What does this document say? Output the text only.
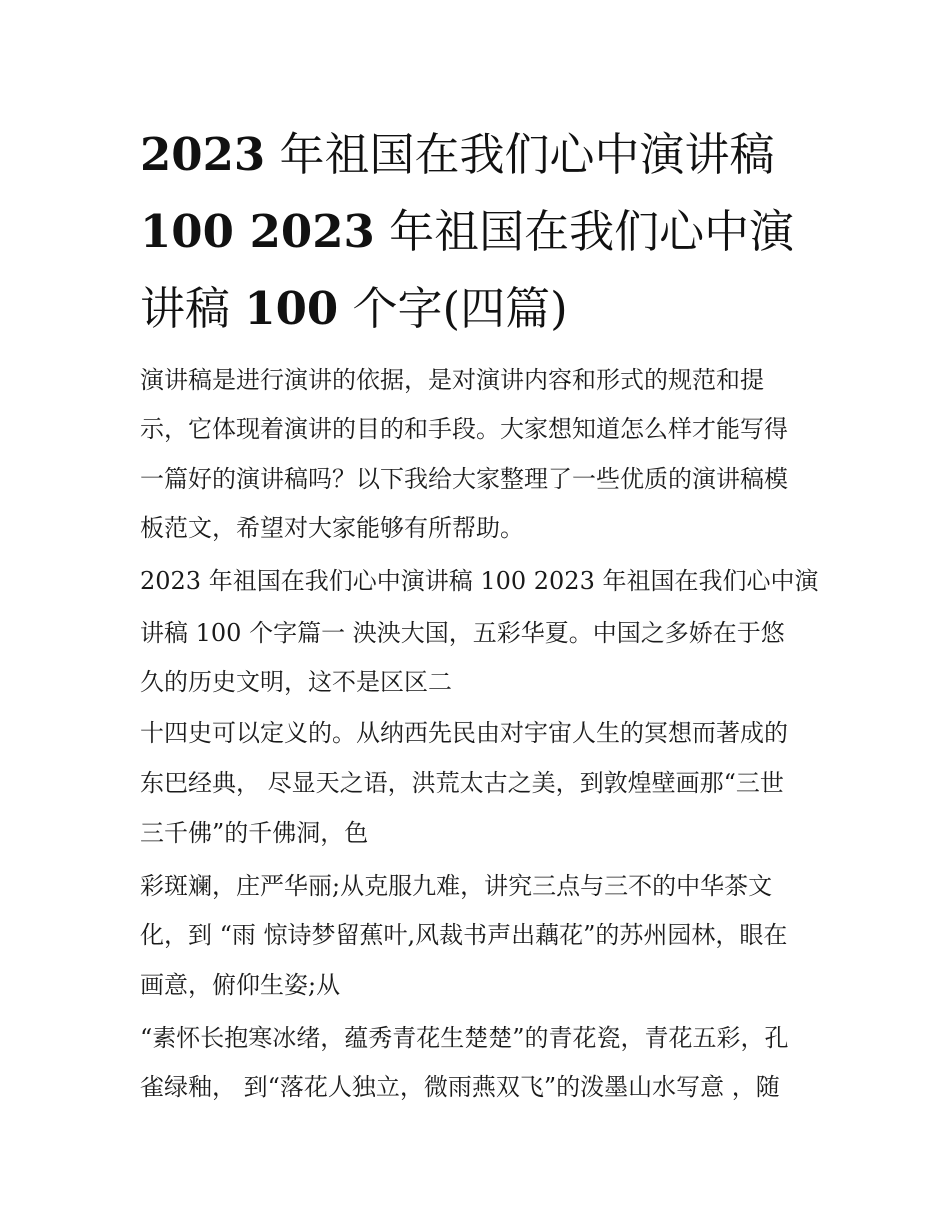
2023 年祖国在我们心中演讲稿
100 2023 年祖国在我们心中演
讲稿 100 个字(四篇)
演讲稿是进行演讲的依据，是对演讲内容和形式的规范和提
示，它体现着演讲的目的和手段。大家想知道怎么样才能写得
一篇好的演讲稿吗？以下我给大家整理了一些优质的演讲稿模
板范文，希望对大家能够有所帮助。
2023 年祖国在我们心中演讲稿 100 2023 年祖国在我们心中演
讲稿 100 个字篇一 泱泱大国，五彩华夏。中国之多娇在于悠
久的历史文明，这不是区区二
十四史可以定义的。从纳西先民由对宇宙人生的冥想而著成的
东巴经典， 尽显天之语，洪荒太古之美，到敦煌壁画那“三世
三千佛”的千佛洞，色
彩斑斓，庄严华丽;从克服九难，讲究三点与三不的中华茶文
化，到 “雨 惊诗梦留蕉叶,风裁书声出藕花”的苏州园林，眼在
画意，俯仰生姿;从
“素怀长抱寒冰绪，蕴秀青花生楚楚”的青花瓷，青花五彩，孔
雀绿釉， 到“落花人独立，微雨燕双飞”的泼墨山水写意 ，随
